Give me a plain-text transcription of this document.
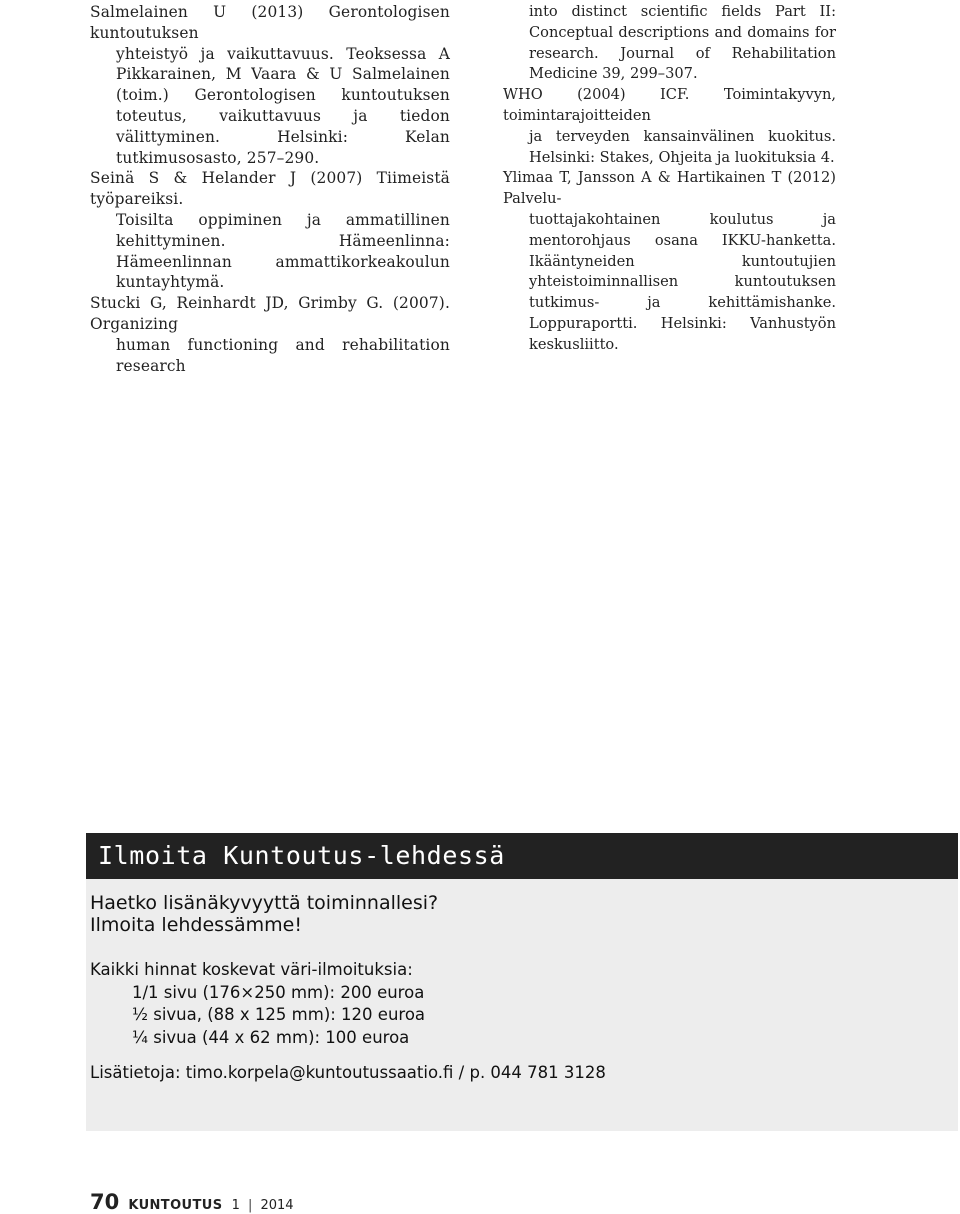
Salmelainen U (2013) Gerontologisen kuntoutuksen
yhteistyö ja vaikuttavuus. Teoksessa A Pikkarainen, M Vaara & U Salmelainen (toim.) Gerontologisen kuntoutuksen toteutus, vaikuttavuus ja tiedon välittyminen. Helsinki: Kelan tutkimusosasto, 257–290.

Seinä S & Helander J (2007) Tiimeistä työpareiksi.
Toisilta oppiminen ja ammatillinen kehittyminen. Hämeenlinna: Hämeenlinnan ammattikorkeakoulun kuntayhtymä.

Stucki G, Reinhardt JD, Grimby G. (2007). Organizing
human functioning and rehabilitation research

into distinct scientific fields Part II: Conceptual descriptions and domains for research. Journal of Rehabilitation Medicine 39, 299–307.

WHO (2004) ICF. Toimintakyvyn, toimintarajoitteiden
ja terveyden kansainvälinen kuokitus. Helsinki: Stakes, Ohjeita ja luokituksia 4.

Ylimaa T, Jansson A & Hartikainen T (2012) Palvelu-
tuottajakohtainen koulutus ja mentorohjaus osana IKKU-hanketta. Ikääntyneiden kuntoutujien yhteistoiminnallisen kuntoutuksen tutkimus- ja kehittämishanke. Loppuraportti. Helsinki: Vanhustyön keskusliitto.

Ilmoita Kuntoutus-lehdessä
Haetko lisänäkyvyyttä toiminnallesi?
Ilmoita lehdessämme!
Kaikki hinnat koskevat väri-ilmoituksia:
1/1 sivu (176×250 mm): 200 euroa
½ sivua, (88 x 125 mm): 120 euroa
¼ sivua (44 x 62 mm): 100 euroa
Lisätietoja: timo.korpela@kuntoutussaatio.fi / p. 044 781 3128
70 KUNTOUTUS 1 | 2014
